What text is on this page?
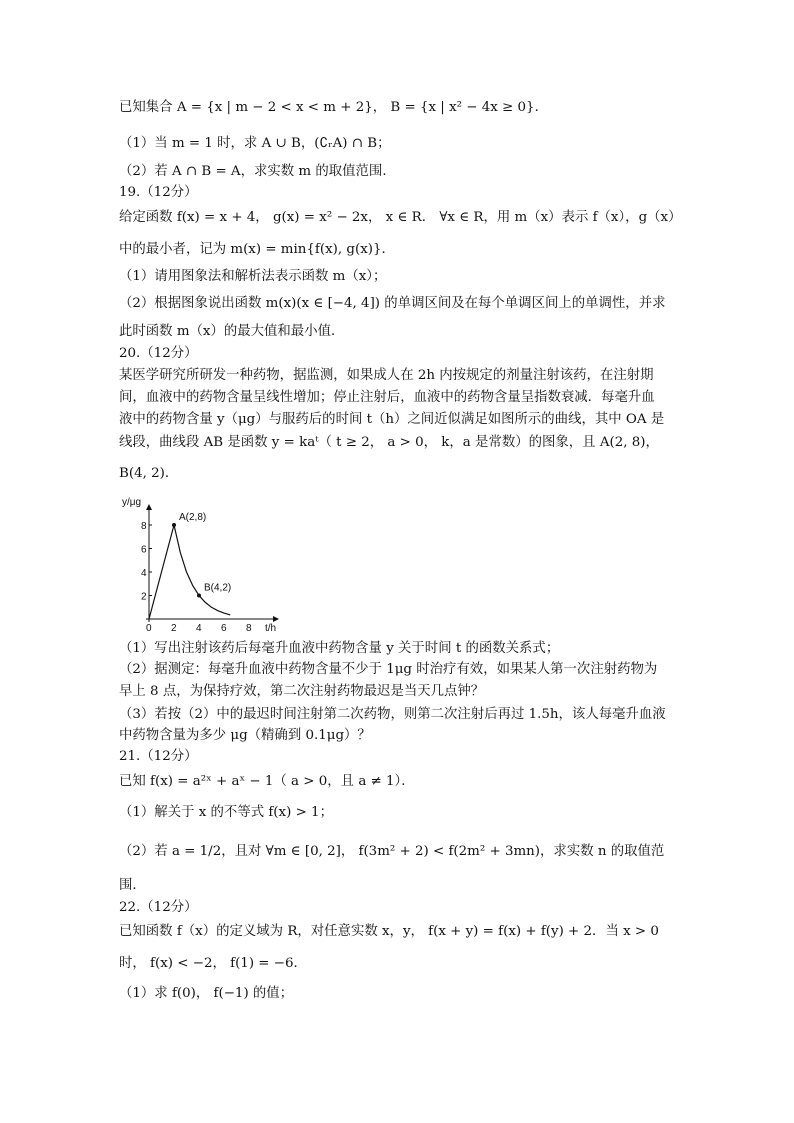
已知集合 A = {x | m − 2 < x < m + 2}， B = {x | x² − 4x ≥ 0}．
（1）当 m = 1 时，求 A ∪ B，(∁ᵣA) ∩ B；
（2）若 A ∩ B = A，求实数 m 的取值范围．
19.（12分）
给定函数 f(x) = x + 4， g(x) = x² − 2x， x ∈ R． ∀x ∈ R，用 m（x）表示 f（x），g（x）
中的最小者，记为 m(x) = min{f(x), g(x)}．
（1）请用图象法和解析法表示函数 m（x）；
（2）根据图象说出函数 m(x)(x ∈ [−4, 4]) 的单调区间及在每个单调区间上的单调性，并求
此时函数 m（x）的最大值和最小值．
20.（12分）
某医学研究所研发一种药物，据监测，如果成人在 2h 内按规定的剂量注射该药，在注射期
间，血液中的药物含量呈线性增加；停止注射后，血液中的药物含量呈指数衰减．每毫升血
液中的药物含量 y（μg）与服药后的时间 t（h）之间近似满足如图所示的曲线，其中 OA 是
线段，曲线段 AB 是函数 y = kaᵗ（ t ≥ 2， a > 0， k，a 是常数）的图象，且 A(2, 8)，
B(4, 2)．
y/μg
t/h
0 2 4 6 8
2
4
6
8
A(2,8)
B(4,2)
（1）写出注射该药后每毫升血液中药物含量 y 关于时间 t 的函数关系式；
（2）据测定：每毫升血液中药物含量不少于 1μg 时治疗有效，如果某人第一次注射药物为
早上 8 点，为保持疗效，第二次注射药物最迟是当天几点钟？
（3）若按（2）中的最迟时间注射第二次药物，则第二次注射后再过 1.5h，该人每毫升血液
中药物含量为多少 μg（精确到 0.1μg）？
21.（12分）
已知 f(x) = a²ˣ + aˣ − 1（ a > 0，且 a ≠ 1）．
（1）解关于 x 的不等式 f(x) > 1；
（2）若 a = 1/2，且对 ∀m ∈ [0, 2]， f(3m² + 2) < f(2m² + 3mn)，求实数 n 的取值范
围．
22.（12分）
已知函数 f（x）的定义域为 R，对任意实数 x，y， f(x + y) = f(x) + f(y) + 2．当 x > 0
时， f(x) < −2， f(1) = −6．
（1）求 f(0)， f(−1) 的值；
